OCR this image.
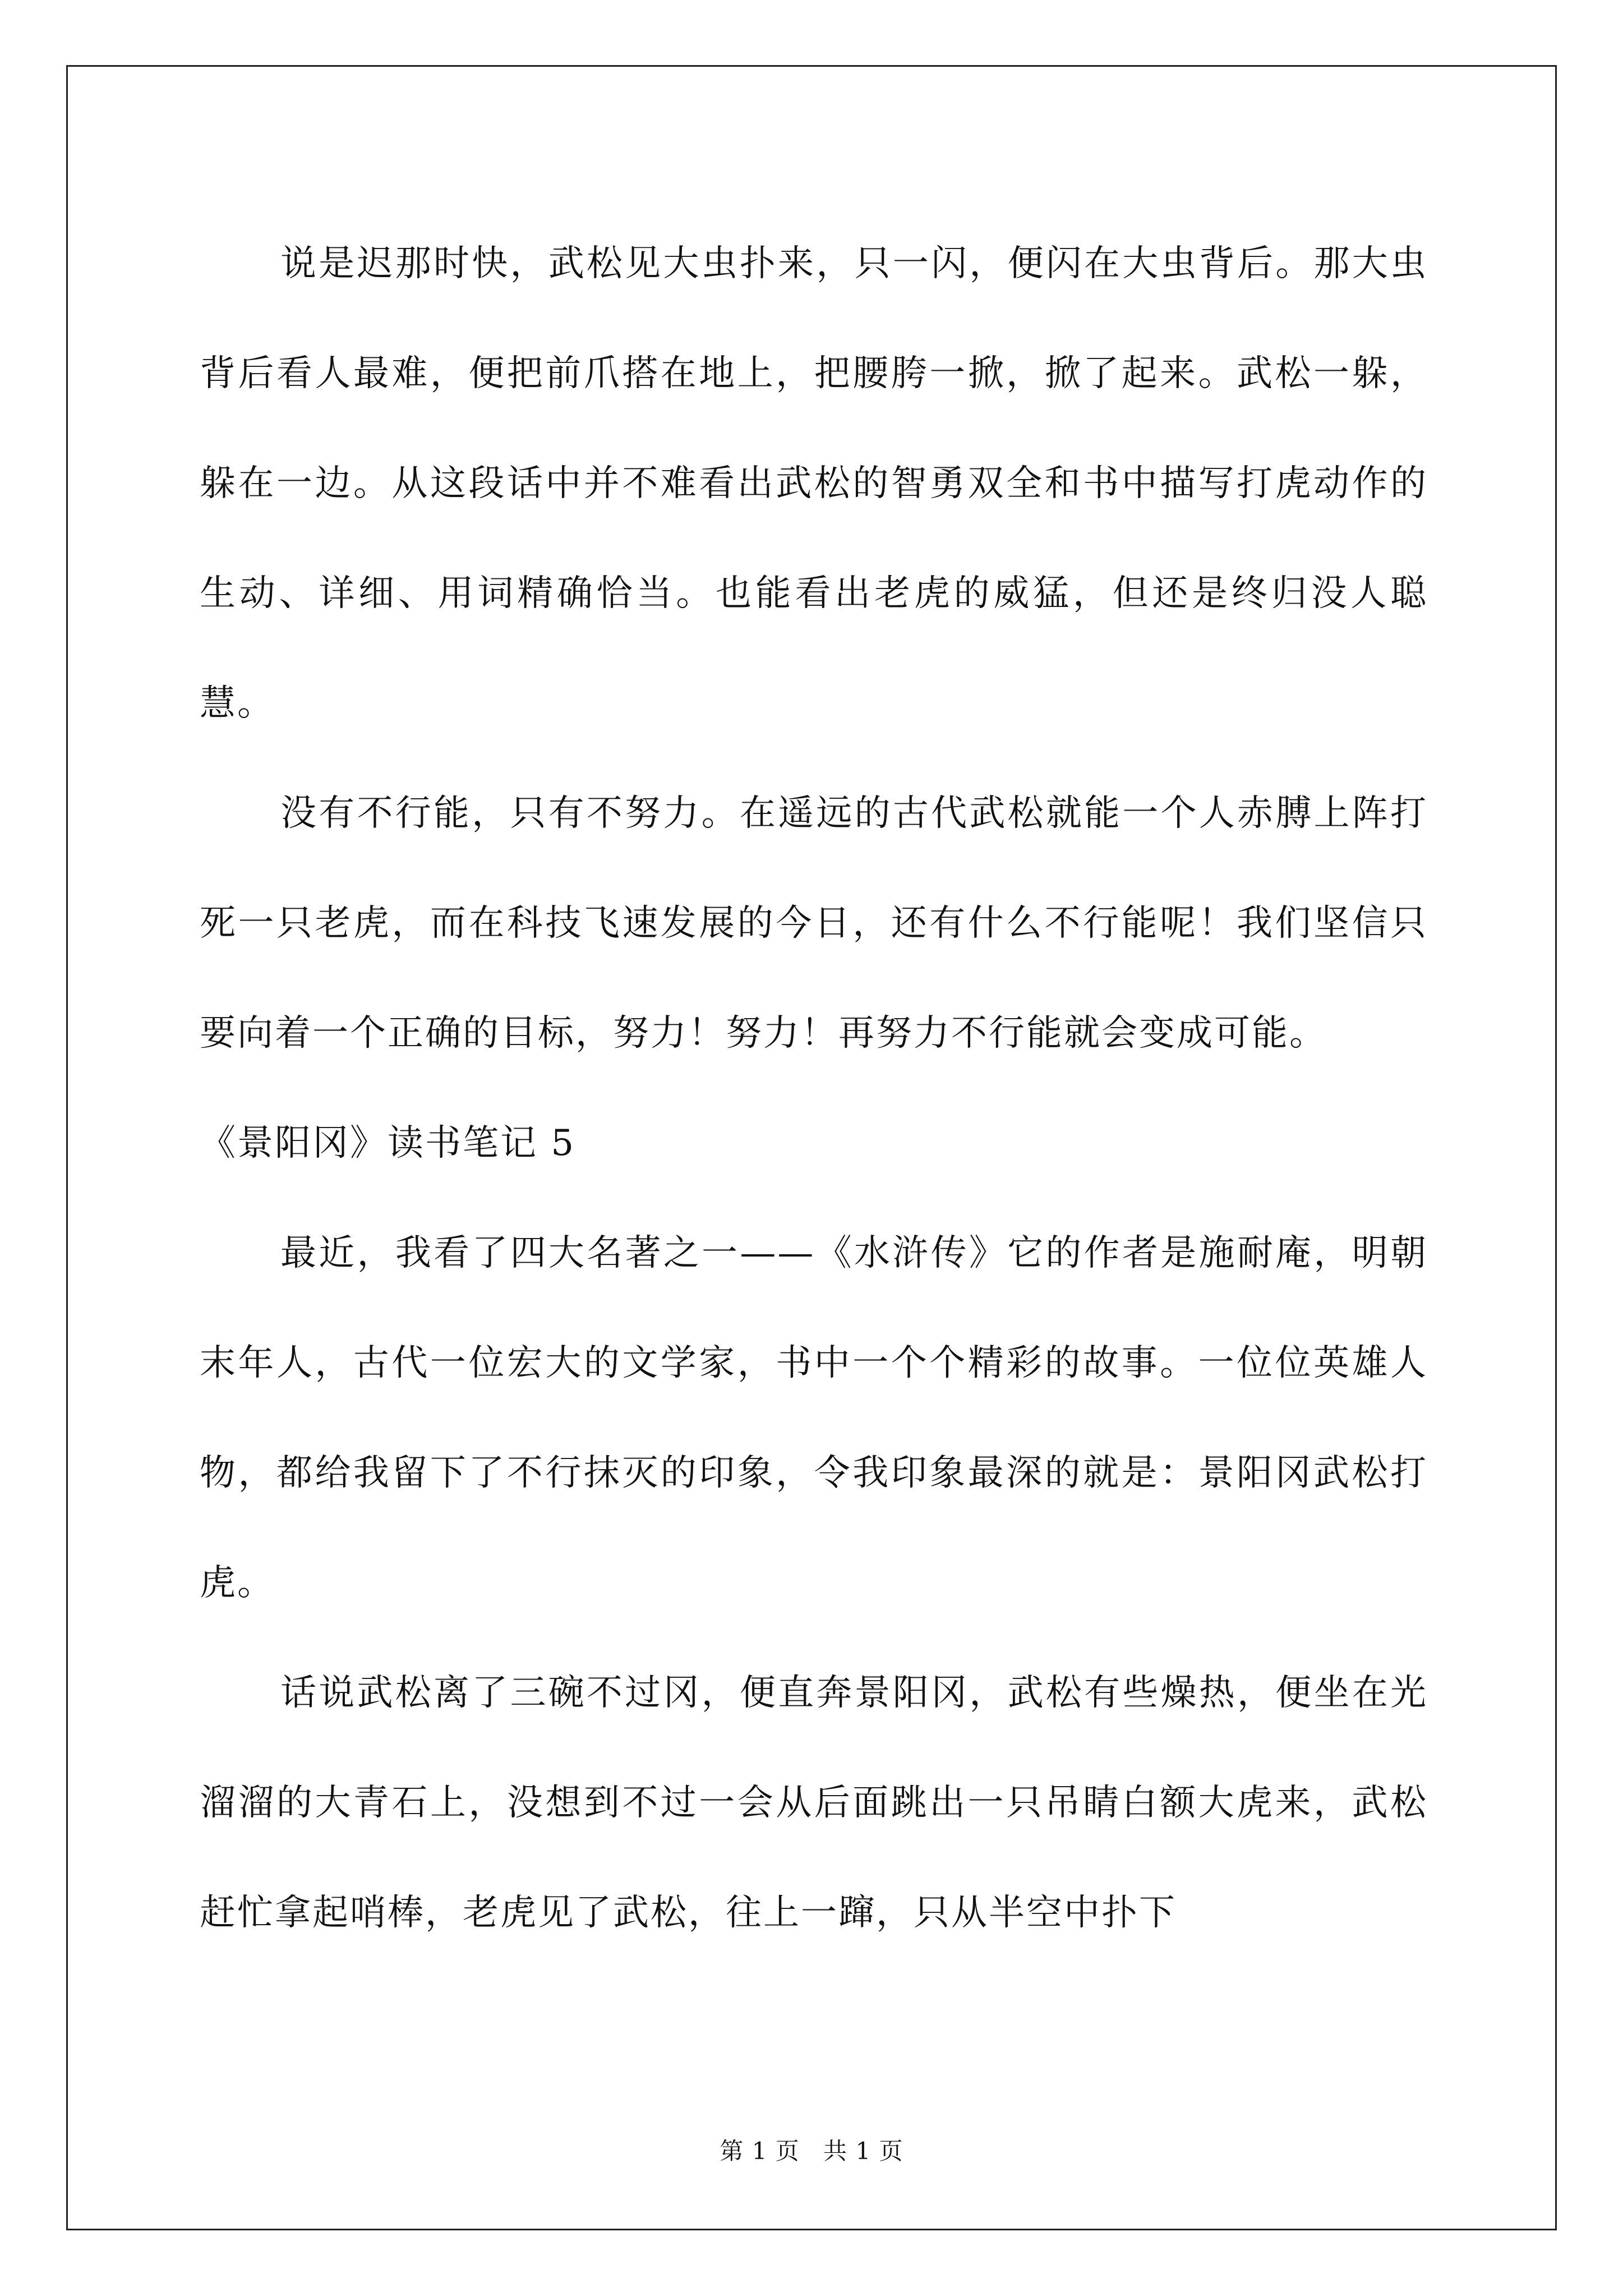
说是迟那时快，武松见大虫扑来，只一闪，便闪在大虫背后。那大虫背后看人最难，便把前爪搭在地上，把腰胯一掀，掀了起来。武松一躲，躲在一边。从这段话中并不难看出武松的智勇双全和书中描写打虎动作的生动、详细、用词精确恰当。也能看出老虎的威猛，但还是终归没人聪慧。

没有不行能，只有不努力。在遥远的古代武松就能一个人赤膊上阵打死一只老虎，而在科技飞速发展的今日，还有什么不行能呢！我们坚信只要向着一个正确的目标，努力！努力！再努力不行能就会变成可能。

《景阳冈》读书笔记 5

最近，我看了四大名著之一——《水浒传》它的作者是施耐庵，明朝末年人，古代一位宏大的文学家，书中一个个精彩的故事。一位位英雄人物，都给我留下了不行抹灭的印象，令我印象最深的就是：景阳冈武松打虎。

话说武松离了三碗不过冈，便直奔景阳冈，武松有些燥热，便坐在光溜溜的大青石上，没想到不过一会从后面跳出一只吊睛白额大虎来，武松赶忙拿起哨棒，老虎见了武松，往上一蹿，只从半空中扑下

第 1 页 共 1 页
